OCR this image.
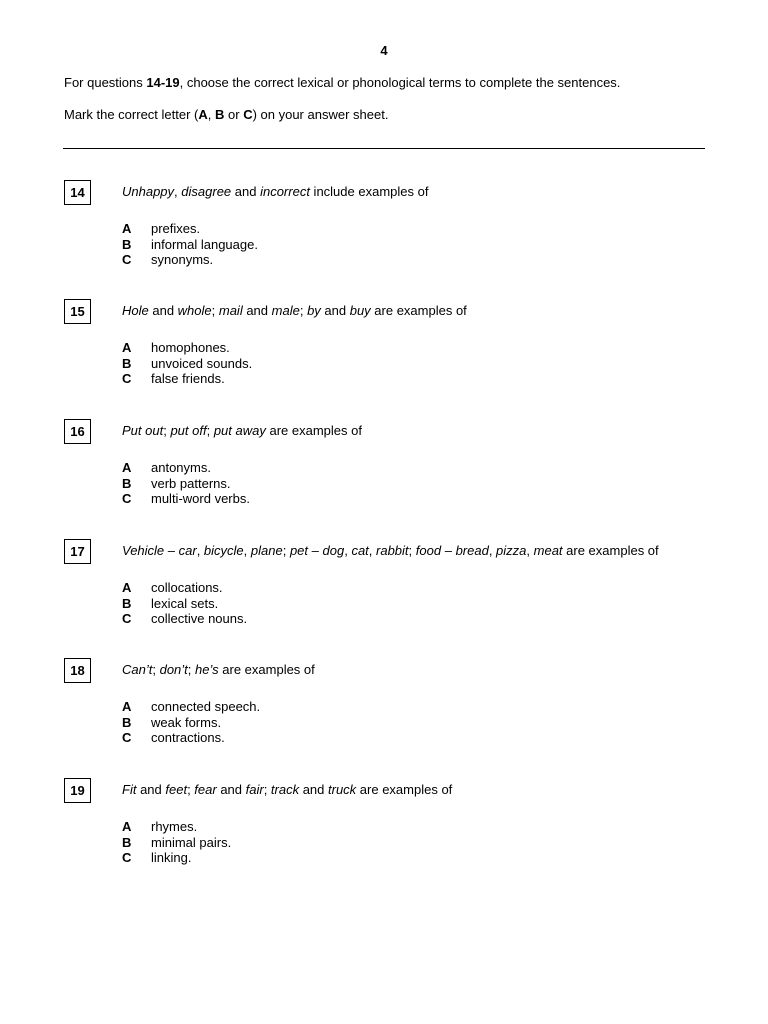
4
For questions 14-19, choose the correct lexical or phonological terms to complete the sentences.
Mark the correct letter (A, B or C) on your answer sheet.
14	Unhappy, disagree and incorrect include examples of
A prefixes.
B informal language.
C synonyms.
15	Hole and whole; mail and male; by and buy are examples of
A homophones.
B unvoiced sounds.
C false friends.
16	Put out; put off; put away are examples of
A antonyms.
B verb patterns.
C multi-word verbs.
17	Vehicle – car, bicycle, plane; pet – dog, cat, rabbit; food – bread, pizza, meat are examples of
A collocations.
B lexical sets.
C collective nouns.
18	Can’t; don’t; he’s are examples of
A connected speech.
B weak forms.
C contractions.
19	Fit and feet; fear and fair; track and truck are examples of
A rhymes.
B minimal pairs.
C linking.
